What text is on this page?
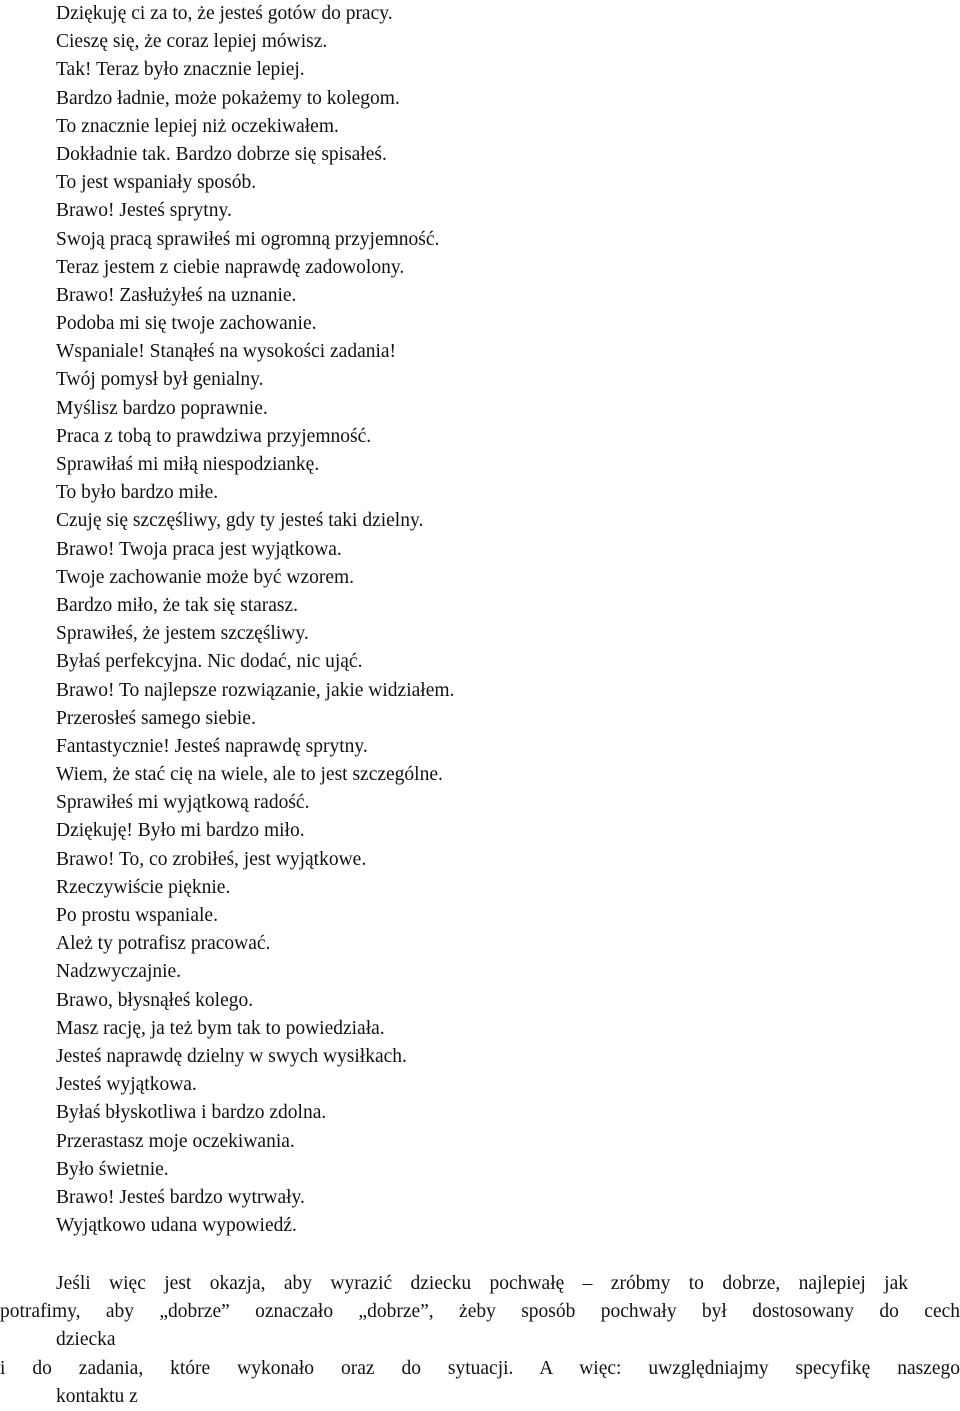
Dziękuję ci za to, że jesteś gotów do pracy.
Cieszę się, że coraz lepiej mówisz.
Tak! Teraz było znacznie lepiej.
Bardzo ładnie, może pokażemy to kolegom.
To znacznie lepiej niż oczekiwałem.
Dokładnie tak. Bardzo dobrze się spisałeś.
To jest wspaniały sposób.
Brawo! Jesteś sprytny.
Swoją pracą sprawiłeś mi ogromną przyjemność.
Teraz jestem z ciebie naprawdę zadowolony.
Brawo! Zasłużyłeś na uznanie.
Podoba mi się twoje zachowanie.
Wspaniale! Stanąłeś na wysokości zadania!
Twój pomysł był genialny.
Myślisz bardzo poprawnie.
Praca z tobą to prawdziwa przyjemność.
Sprawiłaś mi miłą niespodziankę.
To było bardzo miłe.
Czuję się szczęśliwy, gdy ty jesteś taki dzielny.
Brawo! Twoja praca jest wyjątkowa.
Twoje zachowanie może być wzorem.
Bardzo miło, że tak się starasz.
Sprawiłeś, że jestem szczęśliwy.
Byłaś perfekcyjna. Nic dodać, nic ująć.
Brawo! To najlepsze rozwiązanie, jakie widziałem.
Przerosłeś samego siebie.
Fantastycznie! Jesteś naprawdę sprytny.
Wiem, że stać cię na wiele, ale to jest szczególne.
Sprawiłeś mi wyjątkową radość.
Dziękuję! Było mi bardzo miło.
Brawo! To, co zrobiłeś, jest wyjątkowe.
Rzeczywiście pięknie.
Po prostu wspaniale.
Ależ ty potrafisz pracować.
Nadzwyczajnie.
Brawo, błysnąłeś kolego.
Masz rację, ja też bym tak to powiedziała.
Jesteś naprawdę dzielny w swych wysiłkach.
Jesteś wyjątkowa.
Byłaś błyskotliwa i bardzo zdolna.
Przerastasz moje oczekiwania.
Było świetnie.
Brawo! Jesteś bardzo wytrwały.
Wyjątkowo udana wypowiedź.
Jeśli więc jest okazja, aby wyrazić dziecku pochwałę – zróbmy to dobrze, najlepiej jak
potrafimy, aby „dobrze” oznaczało „dobrze”, żeby sposób pochwały był dostosowany do cech
dziecka
i do zadania, które wykonało oraz do sytuacji. A więc: uwzględniajmy specyfikę naszego
kontaktu z
